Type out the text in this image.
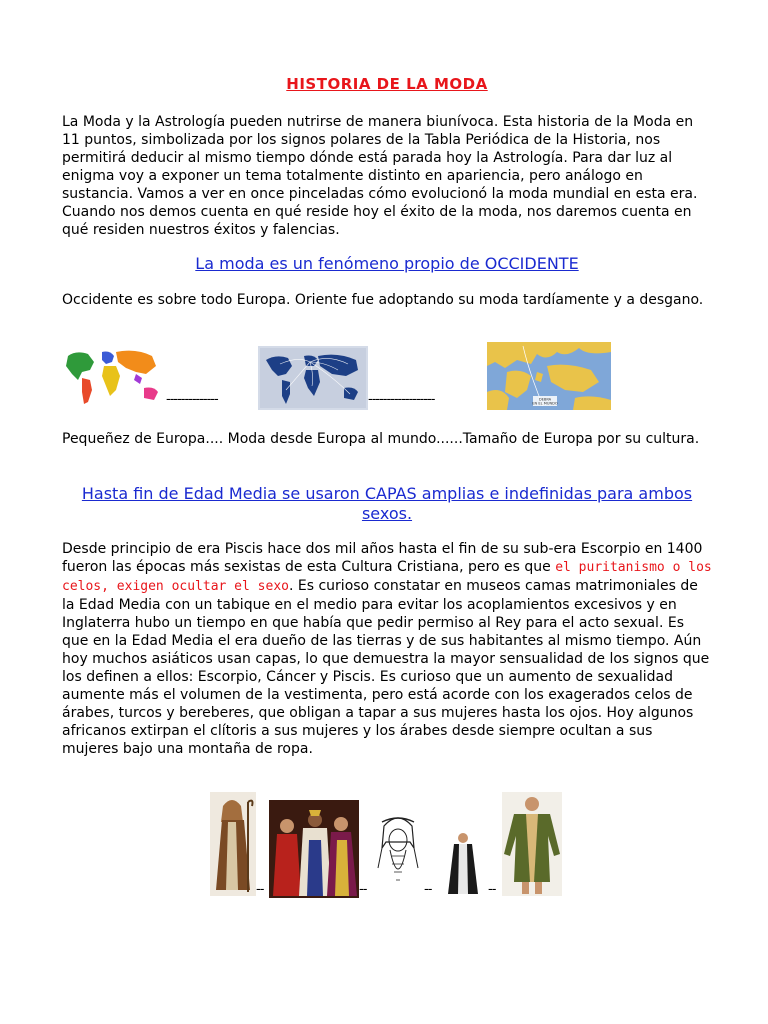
HISTORIA DE LA MODA

La Moda y la Astrología pueden nutrirse de manera biunívoca. Esta historia de la Moda en 11 puntos, simbolizada por los signos polares de la Tabla Periódica de la Historia, nos permitirá deducir al mismo tiempo dónde está parada hoy la Astrología. Para dar luz al enigma voy a exponer un tema totalmente distinto en apariencia, pero análogo en sustancia. Vamos a ver en once pinceladas cómo evolucionó la moda mundial en esta era. Cuando nos demos cuenta en qué reside hoy el éxito de la moda, nos daremos cuenta en qué residen nuestros éxitos y falencias.

La moda es un fenómeno propio de OCCIDENTE

Occidente es sobre todo Europa. Oriente fue adoptando su moda tardíamente y a desgano.

--------------	------------------	DEBRA
EN EL MUNDO

Pequeñez de Europa.... Moda desde Europa al mundo......Tamaño de Europa por su cultura.

Hasta fin de Edad Media se usaron CAPAS amplias e indefinidas para ambos sexos.

Desde principio de era Piscis hace dos mil años hasta el fin de su sub-era Escorpio en 1400 fueron las épocas más sexistas de esta Cultura Cristiana, pero es que el puritanismo o los celos, exigen ocultar el sexo. Es curioso constatar en museos camas matrimoniales de la Edad Media con un tabique en el medio para evitar los acoplamientos excesivos y en Inglaterra hubo un tiempo en que había que pedir permiso al Rey para el acto sexual. Es que en la Edad Media el era dueño de las tierras y de sus habitantes al mismo tiempo. Aún hoy muchos asiáticos usan capas, lo que demuestra la mayor sensualidad de los signos que los definen a ellos: Escorpio, Cáncer y Piscis. Es curioso que un aumento de sexualidad aumente más el volumen de la vestimenta, pero está acorde con los exagerados celos de árabes, turcos y bereberes, que obligan a tapar a sus mujeres hasta los ojos. Hoy algunos africanos extirpan el clítoris a sus mujeres y los árabes desde siempre ocultan a sus mujeres bajo una montaña de ropa.

--	--	--	--
